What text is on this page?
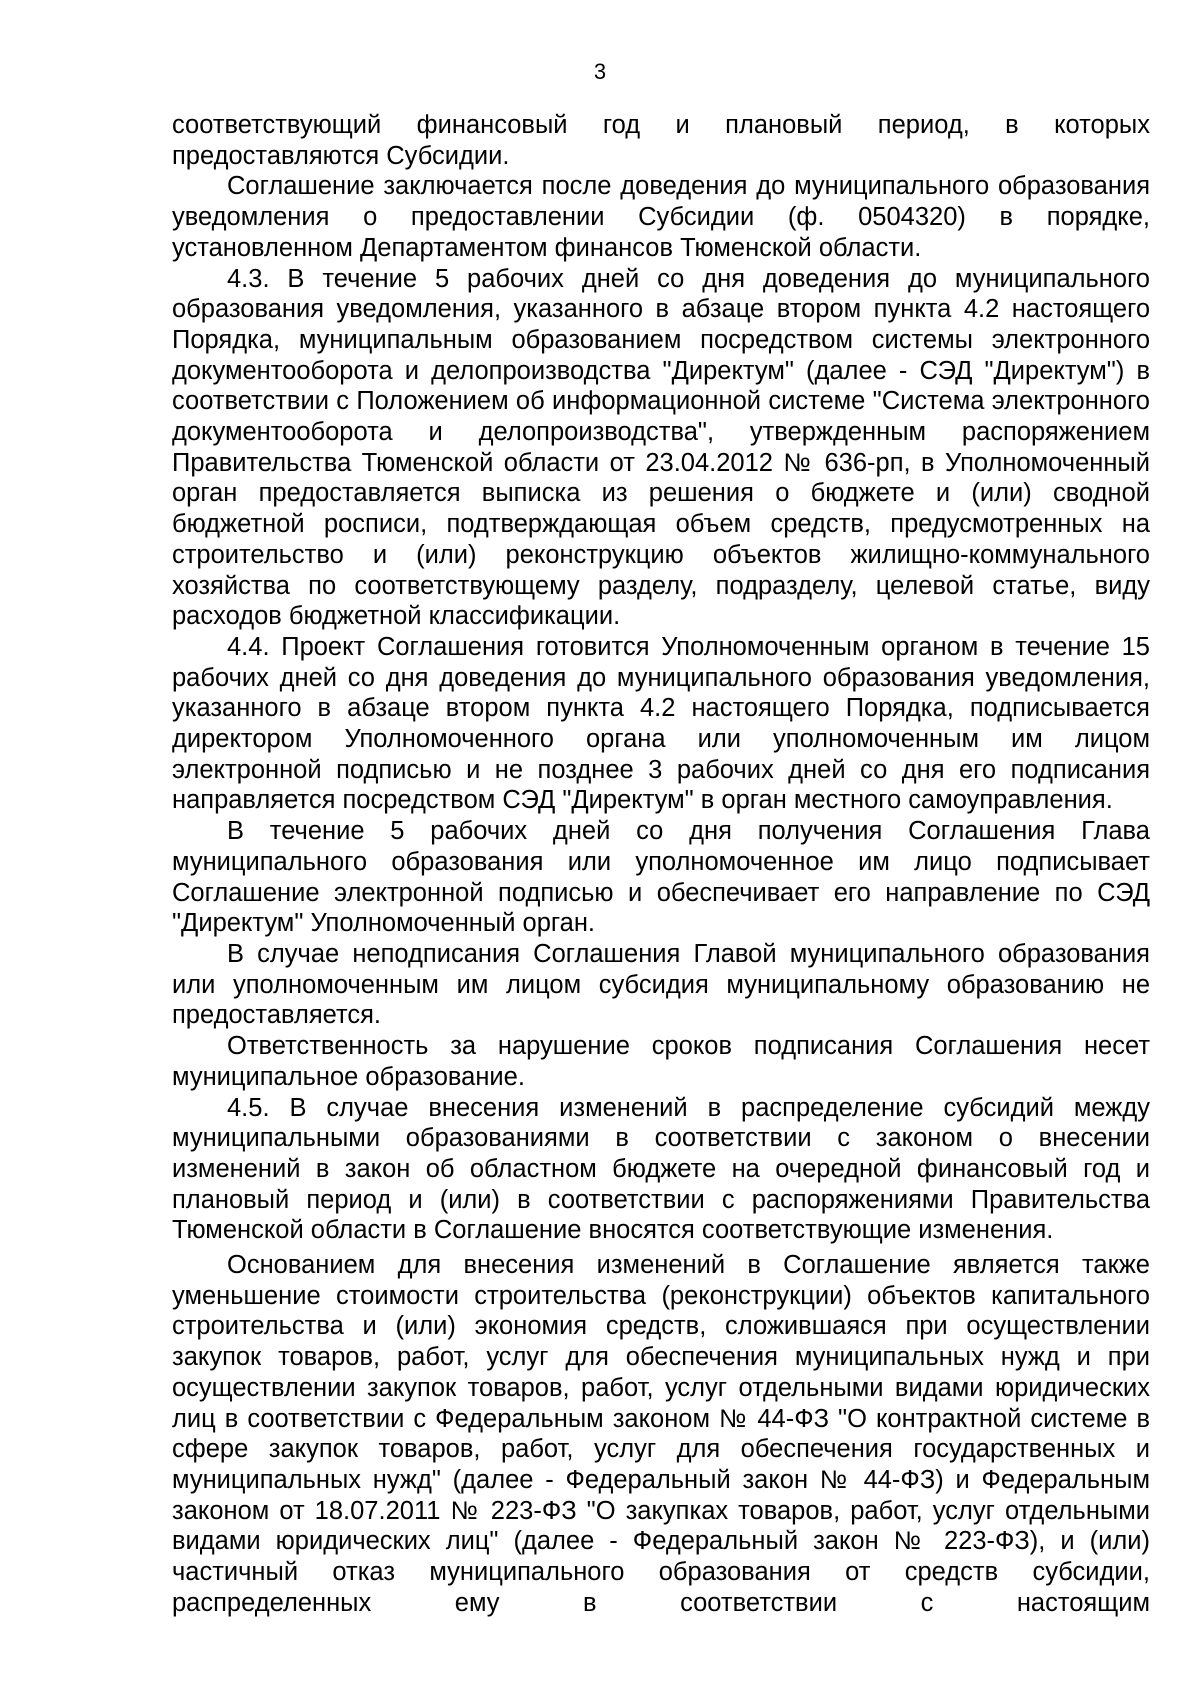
3

соответствующий финансовый год и плановый период, в которых предоставляются Субсидии.

Соглашение заключается после доведения до муниципального образования уведомления о предоставлении Субсидии (ф. 0504320) в порядке, установленном Департаментом финансов Тюменской области.

4.3. В течение 5 рабочих дней со дня доведения до муниципального образования уведомления, указанного в абзаце втором пункта 4.2 настоящего Порядка, муниципальным образованием посредством системы электронного документооборота и делопроизводства "Директум" (далее - СЭД "Директум") в соответствии с Положением об информационной системе "Система электронного документооборота и делопроизводства", утвержденным распоряжением Правительства Тюменской области от 23.04.2012 № 636-рп, в Уполномоченный орган предоставляется выписка из решения о бюджете и (или) сводной бюджетной росписи, подтверждающая объем средств, предусмотренных на строительство и (или) реконструкцию объектов жилищно-коммунального хозяйства по соответствующему разделу, подразделу, целевой статье, виду расходов бюджетной классификации.

4.4. Проект Соглашения готовится Уполномоченным органом в течение 15 рабочих дней со дня доведения до муниципального образования уведомления, указанного в абзаце втором пункта 4.2 настоящего Порядка, подписывается директором Уполномоченного органа или уполномоченным им лицом электронной подписью и не позднее 3 рабочих дней со дня его подписания направляется посредством СЭД "Директум" в орган местного самоуправления.

В течение 5 рабочих дней со дня получения Соглашения Глава муниципального образования или уполномоченное им лицо подписывает Соглашение электронной подписью и обеспечивает его направление по СЭД "Директум" Уполномоченный орган.

В случае неподписания Соглашения Главой муниципального образования или уполномоченным им лицом субсидия муниципальному образованию не предоставляется.

Ответственность за нарушение сроков подписания Соглашения несет муниципальное образование.

4.5. В случае внесения изменений в распределение субсидий между муниципальными образованиями в соответствии с законом о внесении изменений в закон об областном бюджете на очередной финансовый год и плановый период и (или) в соответствии с распоряжениями Правительства Тюменской области в Соглашение вносятся соответствующие изменения.

Основанием для внесения изменений в Соглашение является также уменьшение стоимости строительства (реконструкции) объектов капитального строительства и (или) экономия средств, сложившаяся при осуществлении закупок товаров, работ, услуг для обеспечения муниципальных нужд и при осуществлении закупок товаров, работ, услуг отдельными видами юридических лиц в соответствии с Федеральным законом № 44-ФЗ "О контрактной системе в сфере закупок товаров, работ, услуг для обеспечения государственных и муниципальных нужд" (далее - Федеральный закон № 44-ФЗ) и Федеральным законом от 18.07.2011 № 223-ФЗ "О закупках товаров, работ, услуг отдельными видами юридических лиц" (далее - Федеральный закон № 223-ФЗ), и (или) частичный отказ муниципального образования от средств субсидии, распределенных ему в соответствии с настоящим
